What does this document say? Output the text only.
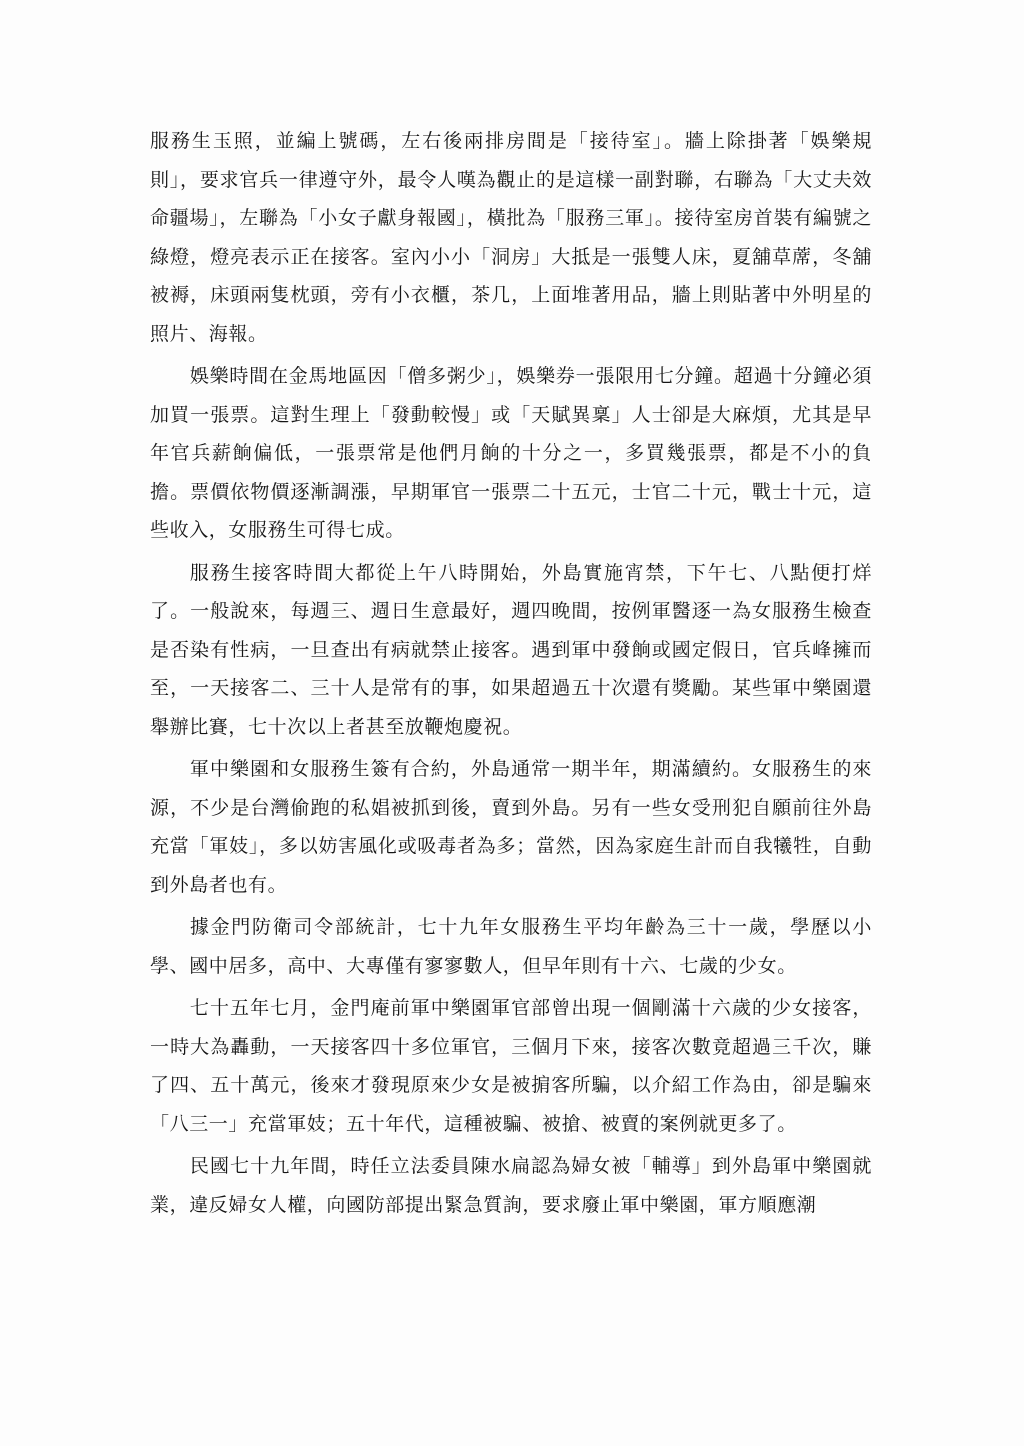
服務生玉照，並編上號碼，左右後兩排房間是「接待室」。牆上除掛著「娛樂規則」，要求官兵一律遵守外，最令人嘆為觀止的是這樣一副對聯，右聯為「大丈夫效命疆場」，左聯為「小女子獻身報國」，橫批為「服務三軍」。接待室房首裝有編號之綠燈，燈亮表示正在接客。室內小小「洞房」大抵是一張雙人床，夏舖草蓆，冬舖被褥，床頭兩隻枕頭，旁有小衣櫃，茶几，上面堆著用品，牆上則貼著中外明星的照片、海報。

娛樂時間在金馬地區因「僧多粥少」，娛樂券一張限用七分鐘。超過十分鐘必須加買一張票。這對生理上「發動較慢」或「天賦異稟」人士卻是大麻煩，尤其是早年官兵薪餉偏低，一張票常是他們月餉的十分之一，多買幾張票，都是不小的負擔。票價依物價逐漸調漲，早期軍官一張票二十五元，士官二十元，戰士十元，這些收入，女服務生可得七成。

服務生接客時間大都從上午八時開始，外島實施宵禁，下午七、八點便打烊了。一般說來，每週三、週日生意最好，週四晚間，按例軍醫逐一為女服務生檢查是否染有性病，一旦查出有病就禁止接客。遇到軍中發餉或國定假日，官兵峰擁而至，一天接客二、三十人是常有的事，如果超過五十次還有獎勵。某些軍中樂園還舉辦比賽，七十次以上者甚至放鞭炮慶祝。

軍中樂園和女服務生簽有合約，外島通常一期半年，期滿續約。女服務生的來源，不少是台灣偷跑的私娼被抓到後，賣到外島。另有一些女受刑犯自願前往外島充當「軍妓」，多以妨害風化或吸毒者為多；當然，因為家庭生計而自我犧牲，自動到外島者也有。

據金門防衛司令部統計，七十九年女服務生平均年齡為三十一歲，學歷以小學、國中居多，高中、大專僅有寥寥數人，但早年則有十六、七歲的少女。

七十五年七月，金門庵前軍中樂園軍官部曾出現一個剛滿十六歲的少女接客，一時大為轟動，一天接客四十多位軍官，三個月下來，接客次數竟超過三千次，賺了四、五十萬元，後來才發現原來少女是被掮客所騙，以介紹工作為由，卻是騙來「八三一」充當軍妓；五十年代，這種被騙、被搶、被賣的案例就更多了。

民國七十九年間，時任立法委員陳水扁認為婦女被「輔導」到外島軍中樂園就業，違反婦女人權，向國防部提出緊急質詢，要求廢止軍中樂園，軍方順應潮
